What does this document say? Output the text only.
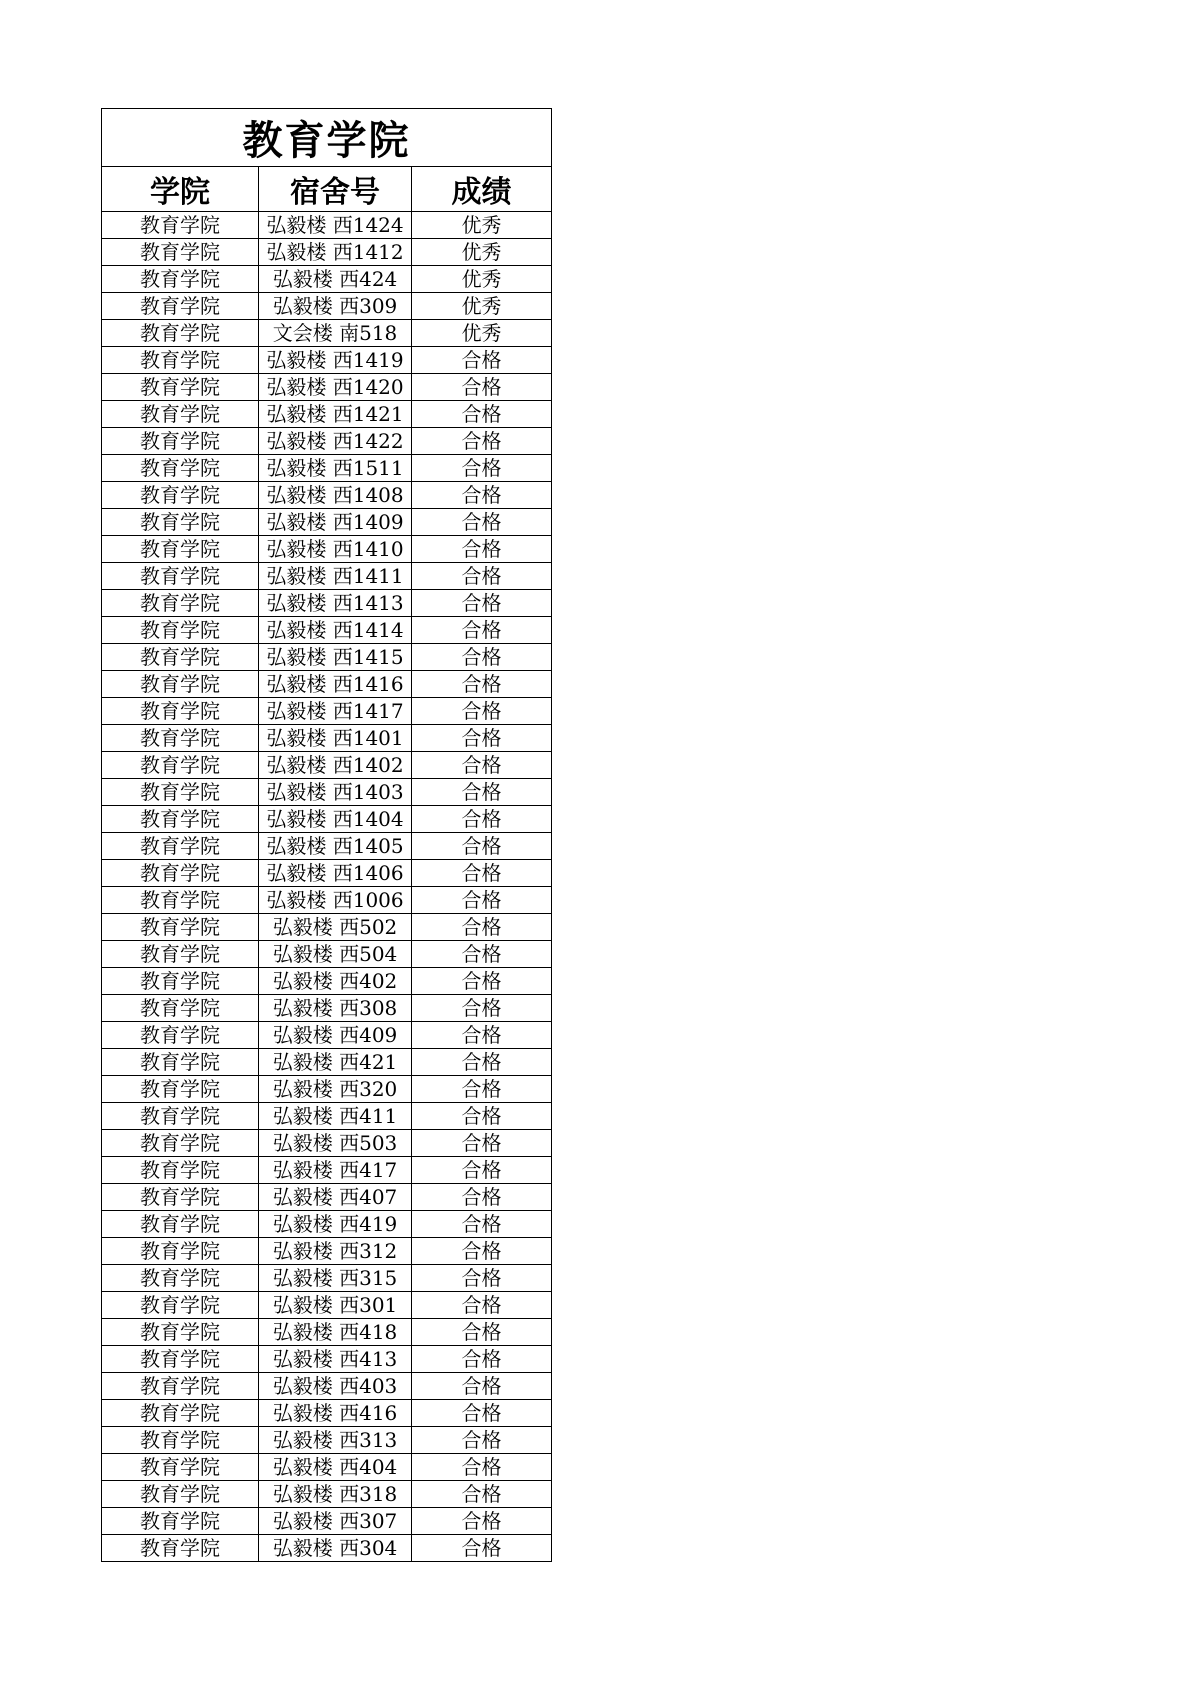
教育学院		
学院	宿舍号	成绩
教育学院	弘毅楼 西1424	优秀
教育学院	弘毅楼 西1412	优秀
教育学院	弘毅楼 西424	优秀
教育学院	弘毅楼 西309	优秀
教育学院	文会楼 南518	优秀
教育学院	弘毅楼 西1419	合格
教育学院	弘毅楼 西1420	合格
教育学院	弘毅楼 西1421	合格
教育学院	弘毅楼 西1422	合格
教育学院	弘毅楼 西1511	合格
教育学院	弘毅楼 西1408	合格
教育学院	弘毅楼 西1409	合格
教育学院	弘毅楼 西1410	合格
教育学院	弘毅楼 西1411	合格
教育学院	弘毅楼 西1413	合格
教育学院	弘毅楼 西1414	合格
教育学院	弘毅楼 西1415	合格
教育学院	弘毅楼 西1416	合格
教育学院	弘毅楼 西1417	合格
教育学院	弘毅楼 西1401	合格
教育学院	弘毅楼 西1402	合格
教育学院	弘毅楼 西1403	合格
教育学院	弘毅楼 西1404	合格
教育学院	弘毅楼 西1405	合格
教育学院	弘毅楼 西1406	合格
教育学院	弘毅楼 西1006	合格
教育学院	弘毅楼 西502	合格
教育学院	弘毅楼 西504	合格
教育学院	弘毅楼 西402	合格
教育学院	弘毅楼 西308	合格
教育学院	弘毅楼 西409	合格
教育学院	弘毅楼 西421	合格
教育学院	弘毅楼 西320	合格
教育学院	弘毅楼 西411	合格
教育学院	弘毅楼 西503	合格
教育学院	弘毅楼 西417	合格
教育学院	弘毅楼 西407	合格
教育学院	弘毅楼 西419	合格
教育学院	弘毅楼 西312	合格
教育学院	弘毅楼 西315	合格
教育学院	弘毅楼 西301	合格
教育学院	弘毅楼 西418	合格
教育学院	弘毅楼 西413	合格
教育学院	弘毅楼 西403	合格
教育学院	弘毅楼 西416	合格
教育学院	弘毅楼 西313	合格
教育学院	弘毅楼 西404	合格
教育学院	弘毅楼 西318	合格
教育学院	弘毅楼 西307	合格
教育学院	弘毅楼 西304	合格
